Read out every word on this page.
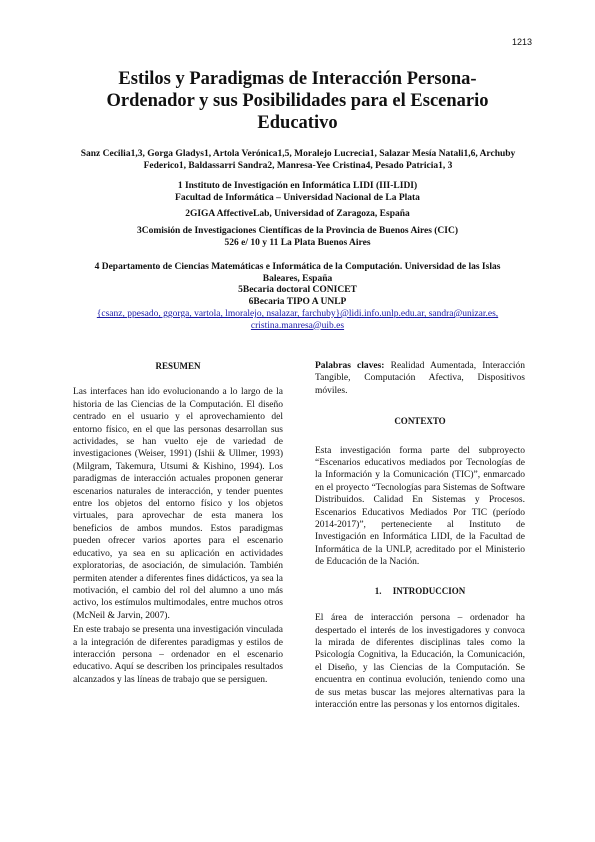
1213
Estilos y Paradigmas de Interacción Persona-
Ordenador y sus Posibilidades para el Escenario
Educativo
Sanz Cecilia1,3, Gorga Gladys1, Artola Verónica1,5, Moralejo Lucrecia1, Salazar Mesía Natali1,6, Archuby
Federico1, Baldassarri Sandra2, Manresa-Yee Cristina4, Pesado Patricia1, 3
1 Instituto de Investigación en Informática LIDI (III-LIDI)
Facultad de Informática – Universidad Nacional de La Plata
2GIGA AffectiveLab, Universidad of Zaragoza, España
3Comisión de Investigaciones Científicas de la Provincia de Buenos Aires (CIC)
526 e/ 10 y 11 La Plata Buenos Aires
4 Departamento de Ciencias Matemáticas e Informática de la Computación. Universidad de las Islas
Baleares, España
5Becaria doctoral CONICET
6Becaria TIPO A UNLP
{csanz, ppesado, ggorga, vartola, lmoralejo, nsalazar, farchuby}@lidi.info.unlp.edu.ar, sandra@unizar.es,
cristina.manresa@uib.es

RESUMEN

Las interfaces han ido evolucionando a lo largo de la historia de las Ciencias de la Computación. El diseño centrado en el usuario y el aprovechamiento del entorno físico, en el que las personas desarrollan sus actividades, se han vuelto eje de variedad de investigaciones (Weiser, 1991) (Ishii & Ullmer, 1993) (Milgram, Takemura, Utsumi & Kishino, 1994). Los paradigmas de interacción actuales proponen generar escenarios naturales de interacción, y tender puentes entre los objetos del entorno físico y los objetos virtuales, para aprovechar de esta manera los beneficios de ambos mundos. Estos paradigmas pueden ofrecer varios aportes para el escenario educativo, ya sea en su aplicación en actividades exploratorias, de asociación, de simulación. También permiten atender a diferentes fines didácticos, ya sea la motivación, el cambio del rol del alumno a uno más activo, los estímulos multimodales, entre muchos otros (McNeil & Jarvin, 2007).

En este trabajo se presenta una investigación vinculada a la integración de diferentes paradigmas y estilos de interacción persona – ordenador en el escenario educativo. Aquí se describen los principales resultados alcanzados y las líneas de trabajo que se persiguen.

Palabras claves: Realidad Aumentada, Interacción Tangible, Computación Afectiva, Dispositivos móviles.

CONTEXTO

Esta investigación forma parte del subproyecto “Escenarios educativos mediados por Tecnologías de la Información y la Comunicación (TIC)”, enmarcado en el proyecto “Tecnologías para Sistemas de Software Distribuidos. Calidad En Sistemas y Procesos. Escenarios Educativos Mediados Por TIC (período 2014-2017)”, perteneciente al Instituto de Investigación en Informática LIDI, de la Facultad de Informática de la UNLP, acreditado por el Ministerio de Educación de la Nación.

1.     INTRODUCCION

El área de interacción persona – ordenador ha despertado el interés de los investigadores y convoca la mirada de diferentes disciplinas tales como la Psicología Cognitiva, la Educación, la Comunicación, el Diseño, y las Ciencias de la Computación. Se encuentra en continua evolución, teniendo como una de sus metas buscar las mejores alternativas para la interacción entre las personas y los entornos digitales.
